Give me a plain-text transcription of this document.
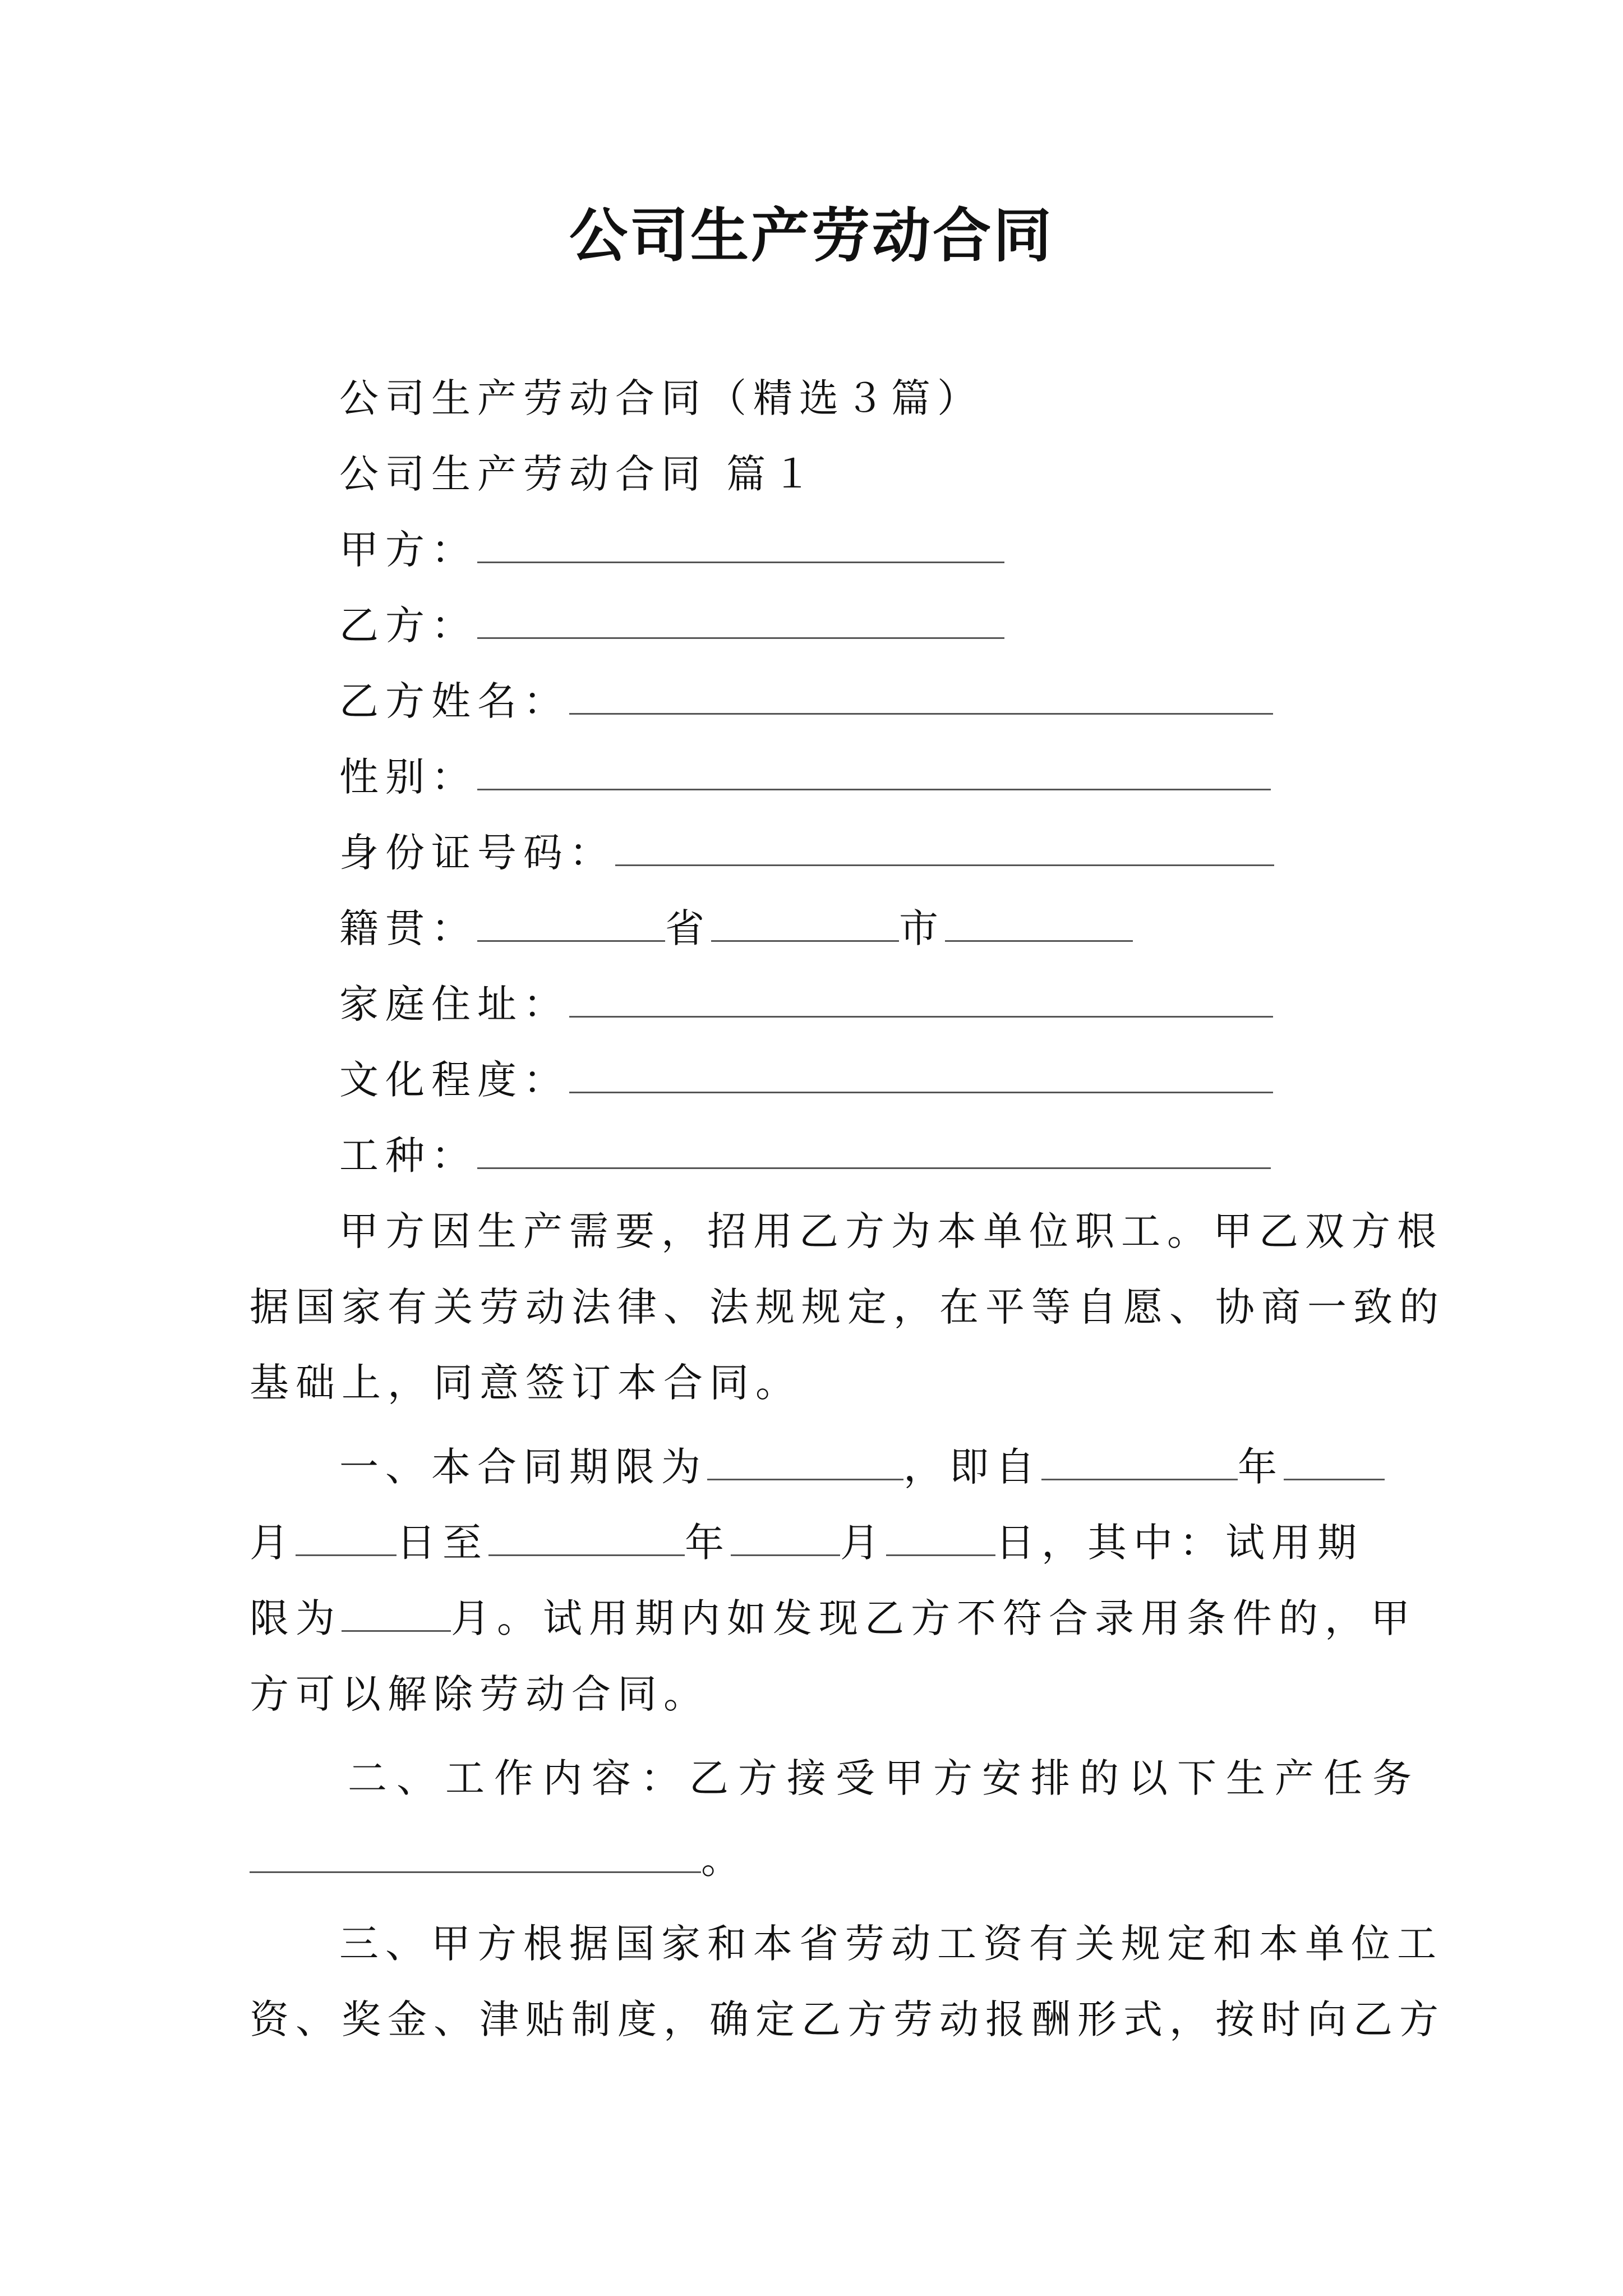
公司生产劳动合同
公司生产劳动合同（精选３篇）
公司生产劳动合同 篇１
甲方：
乙方：
乙方姓名：
性别：
身份证号码：
籍贯：	省	市
家庭住址：
文化程度：
工种：
甲方因生产需要，招用乙方为本单位职工。甲乙双方根
据国家有关劳动法律、法规规定，在平等自愿、协商一致的
基础上，同意签订本合同。
一、本合同期限为	，即自	年
月	日至	年	月	日，其中：试用期
限为	月。试用期内如发现乙方不符合录用条件的，甲
方可以解除劳动合同。
二、工作内容：乙方接受甲方安排的以下生产任务
。
三、甲方根据国家和本省劳动工资有关规定和本单位工
资、奖金、津贴制度，确定乙方劳动报酬形式，按时向乙方
